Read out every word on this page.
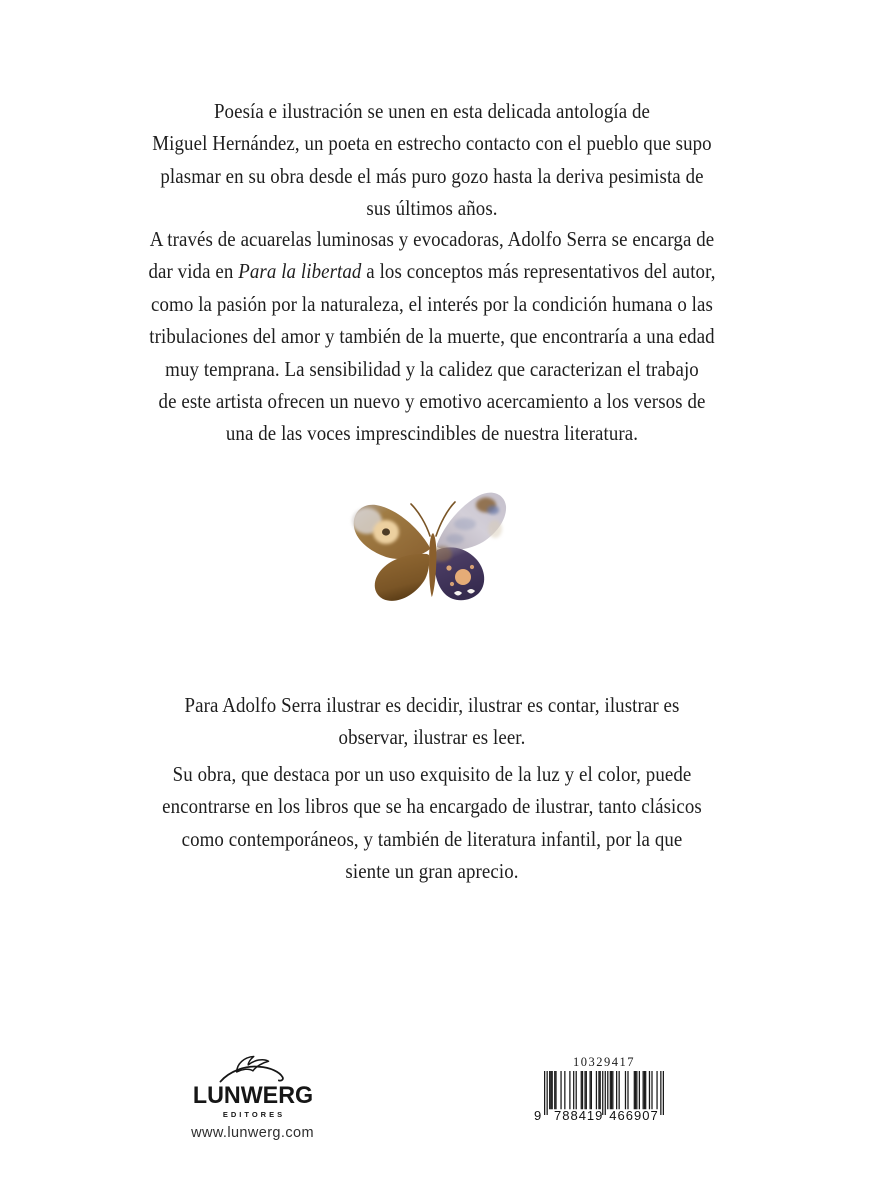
Poesía e ilustración se unen en esta delicada antología de
Miguel Hernández, un poeta en estrecho contacto con el pueblo que supo
plasmar en su obra desde el más puro gozo hasta la deriva pesimista de
sus últimos años.

A través de acuarelas luminosas y evocadoras, Adolfo Serra se encarga de
dar vida en Para la libertad a los conceptos más representativos del autor,
como la pasión por la naturaleza, el interés por la condición humana o las
tribulaciones del amor y también de la muerte, que encontraría a una edad
muy temprana. La sensibilidad y la calidez que caracterizan el trabajo
de este artista ofrecen un nuevo y emotivo acercamiento a los versos de
una de las voces imprescindibles de nuestra literatura.

Para Adolfo Serra ilustrar es decidir, ilustrar es contar, ilustrar es
observar, ilustrar es leer.

Su obra, que destaca por un uso exquisito de la luz y el color, puede
encontrarse en los libros que se ha encargado de ilustrar, tanto clásicos
como contemporáneos, y también de literatura infantil, por la que
siente un gran aprecio.

LUNWERG
EDITORES
www.lunwerg.com
10329417
9 788419 466907
